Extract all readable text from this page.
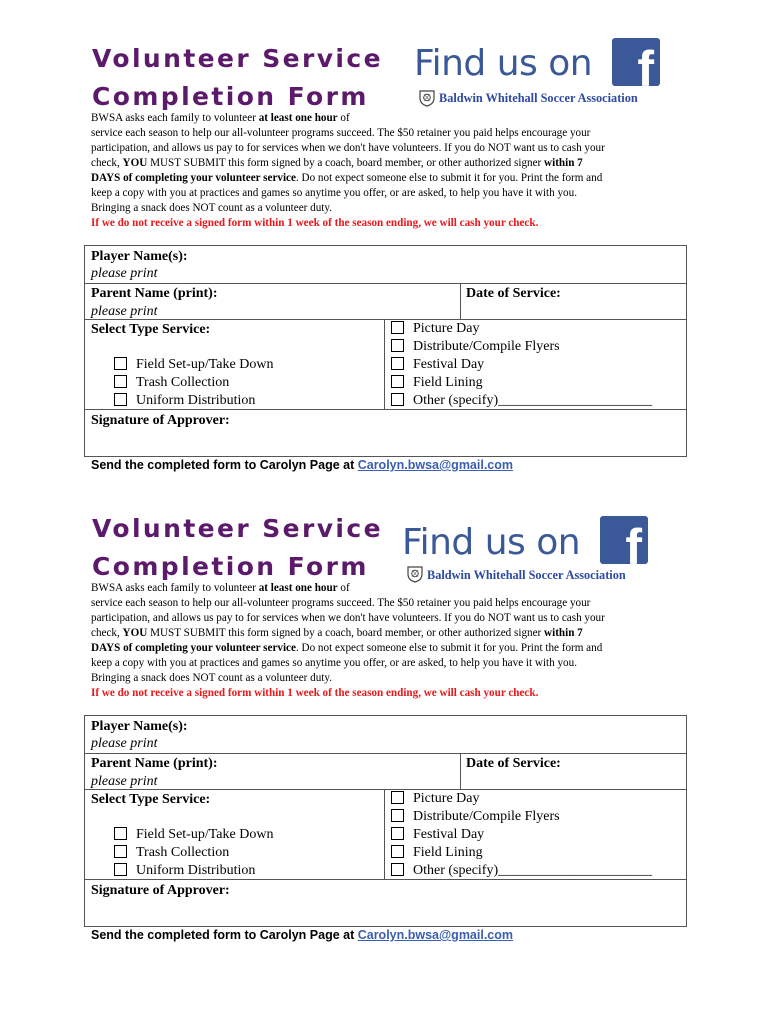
Volunteer Service
Completion Form
Find us on f
Baldwin Whitehall Soccer Association
BWSA asks each family to volunteer at least one hour of
service each season to help our all-volunteer programs succeed. The $50 retainer you paid helps encourage your
participation, and allows us pay to for services when we don't have volunteers. If you do NOT want us to cash your
check, YOU MUST SUBMIT this form signed by a coach, board member, or other authorized signer within 7
DAYS of completing your volunteer service. Do not expect someone else to submit it for you. Print the form and
keep a copy with you at practices and games so anytime you offer, or are asked, to help you have it with you.
Bringing a snack does NOT count as a volunteer duty.
If we do not receive a signed form within 1 week of the season ending, we will cash your check.
Player Name(s):
please print
Parent Name (print):
please print
Date of Service:
Select Type Service:
Field Set-up/Take Down
Trash Collection
Uniform Distribution
Picture Day
Distribute/Compile Flyers
Festival Day
Field Lining
Other (specify)______________________
Signature of Approver:
Send the completed form to Carolyn Page at Carolyn.bwsa@gmail.com
Volunteer Service
Completion Form
Find us on f
Baldwin Whitehall Soccer Association
BWSA asks each family to volunteer at least one hour of
service each season to help our all-volunteer programs succeed. The $50 retainer you paid helps encourage your
participation, and allows us pay to for services when we don't have volunteers. If you do NOT want us to cash your
check, YOU MUST SUBMIT this form signed by a coach, board member, or other authorized signer within 7
DAYS of completing your volunteer service. Do not expect someone else to submit it for you. Print the form and
keep a copy with you at practices and games so anytime you offer, or are asked, to help you have it with you.
Bringing a snack does NOT count as a volunteer duty.
If we do not receive a signed form within 1 week of the season ending, we will cash your check.
Player Name(s):
please print
Parent Name (print):
please print
Date of Service:
Select Type Service:
Field Set-up/Take Down
Trash Collection
Uniform Distribution
Picture Day
Distribute/Compile Flyers
Festival Day
Field Lining
Other (specify)______________________
Signature of Approver:
Send the completed form to Carolyn Page at Carolyn.bwsa@gmail.com
